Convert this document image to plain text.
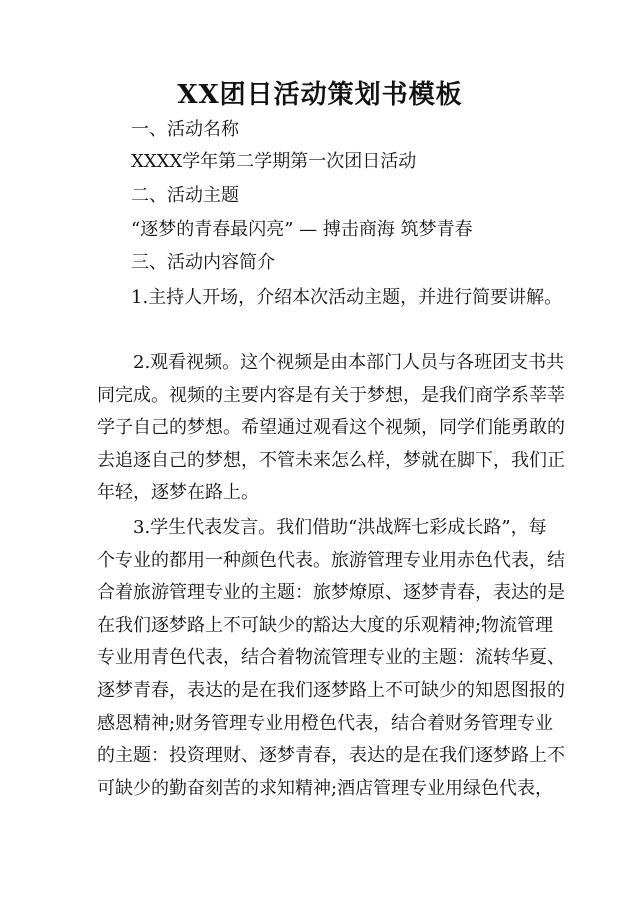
XX团日活动策划书模板
一、活动名称
XXXX学年第二学期第一次团日活动
二、活动主题
“逐梦的青春最闪亮” — 搏击商海 筑梦青春
三、活动内容简介
1.主持人开场，介绍本次活动主题，并进行简要讲解。
2.观看视频。这个视频是由本部门人员与各班团支书共
同完成。视频的主要内容是有关于梦想，是我们商学系莘莘
学子自己的梦想。希望通过观看这个视频，同学们能勇敢的
去追逐自己的梦想，不管未来怎么样，梦就在脚下，我们正
年轻，逐梦在路上。
3.学生代表发言。我们借助“洪战辉七彩成长路”，每
个专业的都用一种颜色代表。旅游管理专业用赤色代表，结
合着旅游管理专业的主题：旅梦燎原、逐梦青春，表达的是
在我们逐梦路上不可缺少的豁达大度的乐观精神;物流管理
专业用青色代表，结合着物流管理专业的主题：流转华夏、
逐梦青春，表达的是在我们逐梦路上不可缺少的知恩图报的
感恩精神;财务管理专业用橙色代表，结合着财务管理专业
的主题：投资理财、逐梦青春，表达的是在我们逐梦路上不
可缺少的勤奋刻苦的求知精神;酒店管理专业用绿色代表，
